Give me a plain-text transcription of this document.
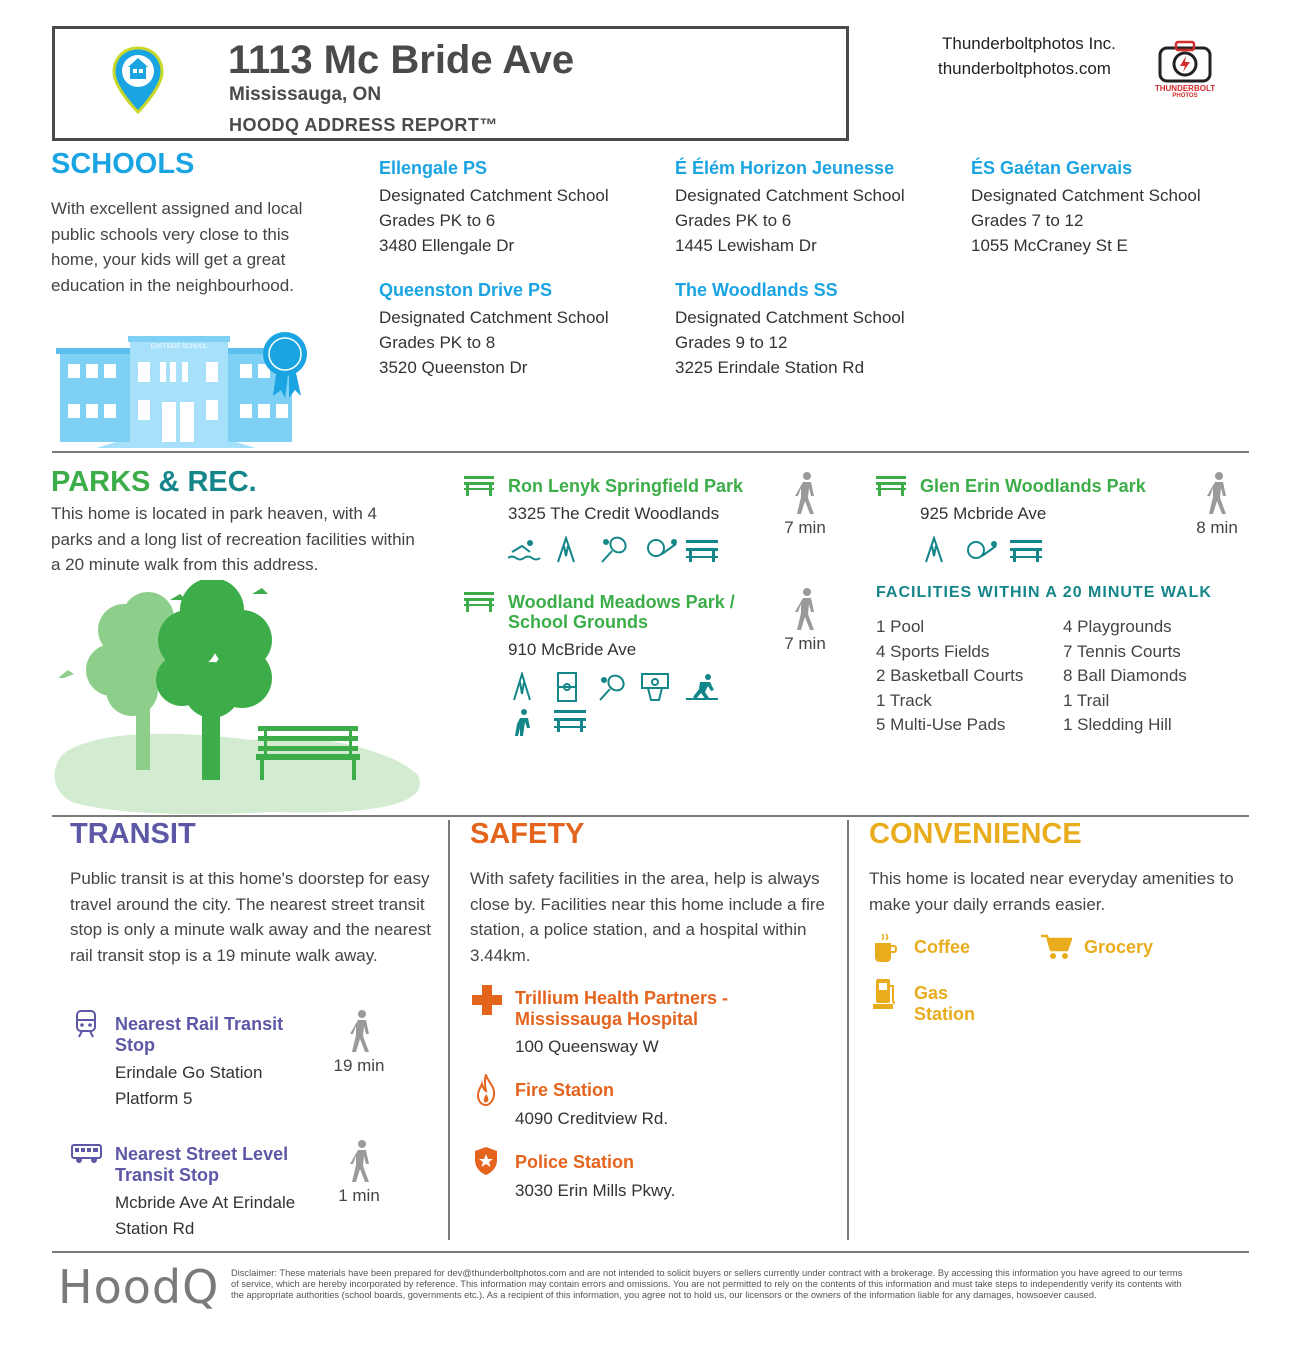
1113 Mc Bride Ave
Mississauga, ON
HOODQ ADDRESS REPORT™
Thunderboltphotos Inc.
thunderboltphotos.com
THUNDERBOLT
PHOTOS
SCHOOLS
With excellent assigned and local public schools very close to this home, your kids will get a great education in the neighbourhood.
EASTSIDE SCHOOL
Ellengale PS
Designated Catchment School
Grades PK to 6
3480 Ellengale Dr
É Élém Horizon Jeunesse
Designated Catchment School
Grades PK to 6
1445 Lewisham Dr
ÉS Gaétan Gervais
Designated Catchment School
Grades 7 to 12
1055 McCraney St E
Queenston Drive PS
Designated Catchment School
Grades PK to 8
3520 Queenston Dr
The Woodlands SS
Designated Catchment School
Grades 9 to 12
3225 Erindale Station Rd
PARKS & REC.
This home is located in park heaven, with 4 parks and a long list of recreation facilities within a 20 minute walk from this address.
Ron Lenyk Springfield Park
3325 The Credit Woodlands
7 min
Glen Erin Woodlands Park
925 Mcbride Ave
8 min
Woodland Meadows Park /
School Grounds
910 McBride Ave	7 min
FACILITIES WITHIN A 20 MINUTE WALK
1 Pool	4 Playgrounds
4 Sports Fields	7 Tennis Courts
2 Basketball Courts	8 Ball Diamonds
1 Track	1 Trail
5 Multi-Use Pads	1 Sledding Hill
TRANSIT
Public transit is at this home's doorstep for easy travel around the city. The nearest street transit stop is only a minute walk away and the nearest rail transit stop is a 19 minute walk away.
Nearest Rail Transit
Stop
Erindale Go Station
Platform 5
19 min
Nearest Street Level
Transit Stop
Mcbride Ave At Erindale
Station Rd
1 min
SAFETY
With safety facilities in the area, help is always close by. Facilities near this home include a fire station, a police station, and a hospital within 3.44km.
Trillium Health Partners -
Mississauga Hospital
100 Queensway W
Fire Station
4090 Creditview Rd.
Police Station
3030 Erin Mills Pkwy.
CONVENIENCE
This home is located near everyday amenities to make your daily errands easier.
Coffee	Grocery
Gas
Station
HoodQ Disclaimer: These materials have been prepared for dev@thunderboltphotos.com and are not intended to solicit buyers or sellers currently under contract with a brokerage. By accessing this information you have agreed to our terms
of service, which are hereby incorporated by reference. This information may contain errors and omissions. You are not permitted to rely on the contents of this information and must take steps to independently verify its contents with
the appropriate authorities (school boards, governments etc.). As a recipient of this information, you agree not to hold us, our licensors or the owners of the information liable for any damages, howsoever caused.
